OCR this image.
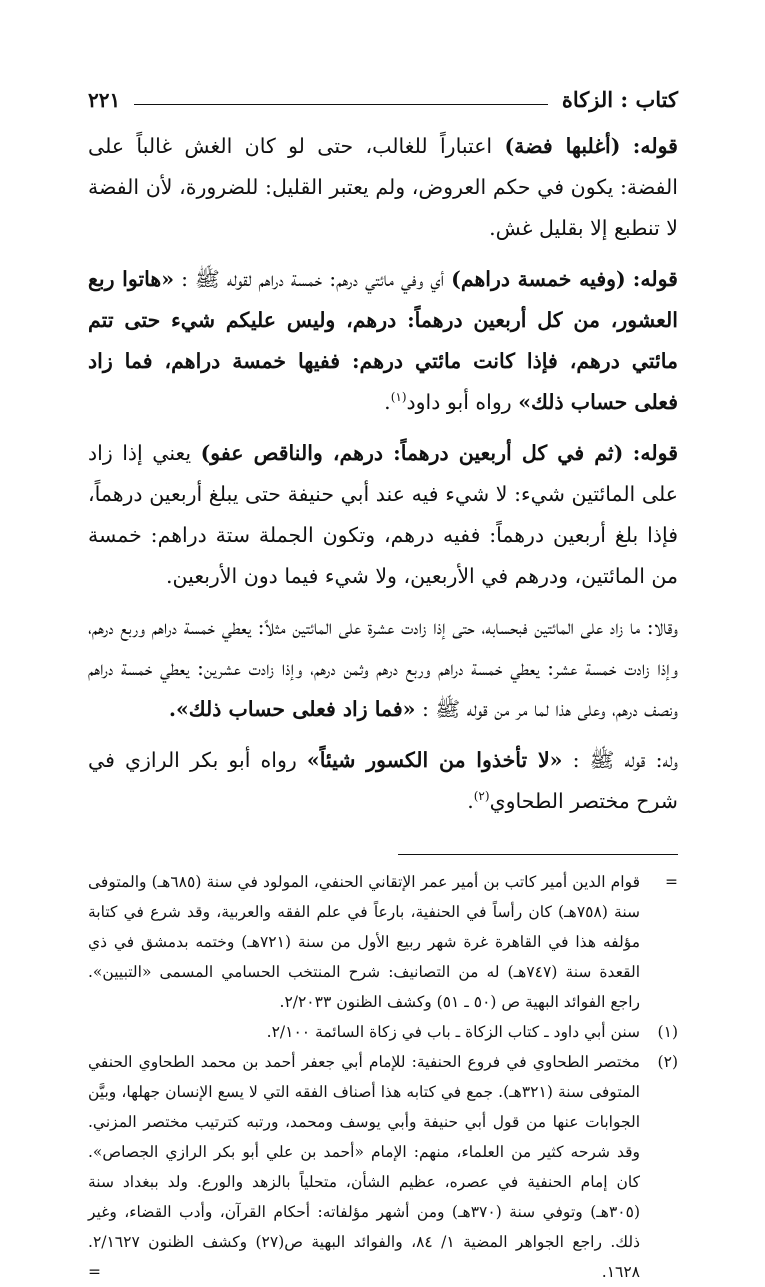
كتاب : الزكاة
٢٢١

قوله: (أغلبها فضة) اعتباراً للغالب، حتى لو كان الغش غالباً على الفضة: يكون في حكم العروض، ولم يعتبر القليل: للضرورة، لأن الفضة لا تنطبع إلا بقليل غش.

قوله: (وفيه خمسة دراهم) أي وفي مائتي درهم: خمسة دراهم لقوله ﷺ : «هاتوا ربع العشور، من كل أربعين درهماً: درهم، وليس عليكم شيء حتى تتم مائتي درهم، فإذا كانت مائتي درهم: ففيها خمسة دراهم، فما زاد فعلى حساب ذلك» رواه أبو داود$^{(١)}$.

قوله: (ثم في كل أربعين درهماً: درهم، والناقص عفو) يعني إذا زاد على المائتين شيء: لا شيء فيه عند أبي حنيفة حتى يبلغ أربعين درهماً، فإذا بلغ أربعين درهماً: ففيه درهم، وتكون الجملة ستة دراهم: خمسة من المائتين، ودرهم في الأربعين، ولا شيء فيما دون الأربعين.

وقالا: ما زاد على المائتين فبحسابه، حتى إذا زادت عشرة على المائتين مثلاً: يعطي خمسة دراهم وربع درهم، وإذا زادت خمسة عشر: يعطي خمسة دراهم وربع درهم وثمن درهم، وإذا زادت عشرين: يعطي خمسة دراهم ونصف درهم، وعلى هذا لما مر من قوله ﷺ : «فما زاد فعلى حساب ذلك».

وله: قوله ﷺ : «لا تأخذوا من الكسور شيئاً» رواه أبو بكر الرازي في شرح مختصر الطحاوي$^{(٢)}$.

=
قوام الدين أمير كاتب بن أمير عمر الإتقاني الحنفي، المولود في سنة (٦٨٥هـ) والمتوفى سنة (٧٥٨هـ) كان رأساً في الحنفية، بارعاً في علم الفقه والعربية، وقد شرع في كتابة مؤلفه هذا في القاهرة غرة شهر ربيع الأول من سنة (٧٢١هـ) وختمه بدمشق في ذي القعدة سنة (٧٤٧هـ) له من التصانيف: شرح المنتخب الحسامي المسمى «التبيين». راجع الفوائد البهية ص (٥٠ ـ ٥١) وكشف الظنون ٢/٢٠٣٣.
(١)
سنن أبي داود ـ كتاب الزكاة ـ باب في زكاة السائمة ٢/١٠٠.
(٢)
مختصر الطحاوي في فروع الحنفية: للإمام أبي جعفر أحمد بن محمد الطحاوي الحنفي المتوفى سنة (٣٢١هـ). جمع في كتابه هذا أصناف الفقه التي لا يسع الإنسان جهلها، وبيَّن الجوابات عنها من قول أبي حنيفة وأبي يوسف ومحمد، ورتبه كترتيب مختصر المزني. وقد شرحه كثير من العلماء، منهم: الإمام «أحمد بن علي أبو بكر الرازي الجصاص». كان إمام الحنفية في عصره، عظيم الشأن، متحلياً بالزهد والورع. ولد ببغداد سنة (٣٠٥هـ) وتوفي سنة (٣٧٠هـ) ومن أشهر مؤلفاته: أحكام القرآن، وأدب القضاء، وغير ذلك. راجع الجواهر المضية ١/ ٨٤، والفوائد البهية ص(٢٧) وكشف الظنون ٢/١٦٢٧. ١٦٢٨.
=
